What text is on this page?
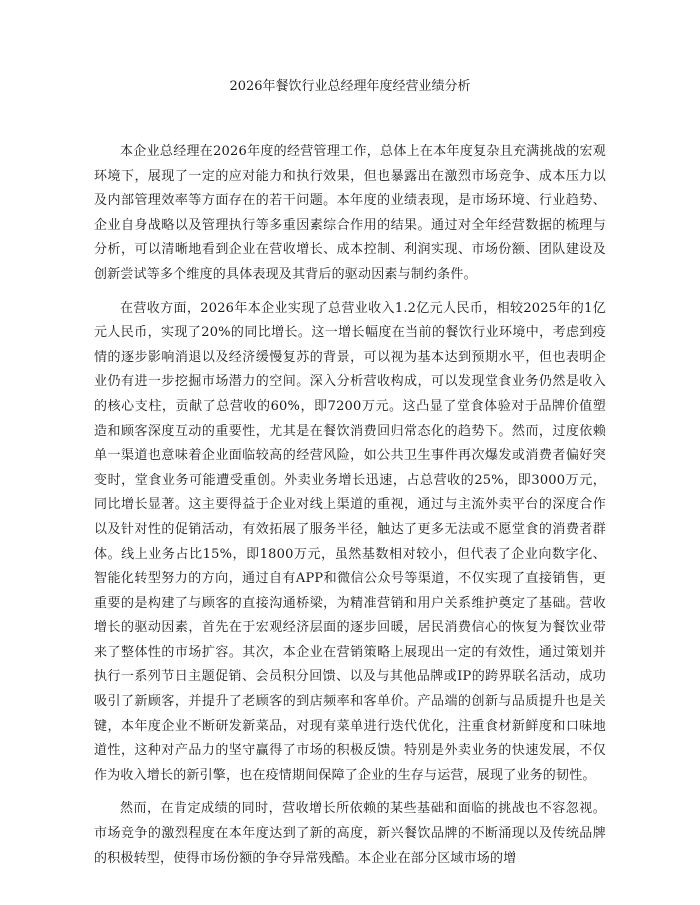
2026年餐饮行业总经理年度经营业绩分析

本企业总经理在2026年度的经营管理工作，总体上在本年度复杂且充满挑战的宏观环境下，展现了一定的应对能力和执行效果，但也暴露出在激烈市场竞争、成本压力以及内部管理效率等方面存在的若干问题。本年度的业绩表现，是市场环境、行业趋势、企业自身战略以及管理执行等多重因素综合作用的结果。通过对全年经营数据的梳理与分析，可以清晰地看到企业在营收增长、成本控制、利润实现、市场份额、团队建设及创新尝试等多个维度的具体表现及其背后的驱动因素与制约条件。

在营收方面，2026年本企业实现了总营业收入1.2亿元人民币，相较2025年的1亿元人民币，实现了20%的同比增长。这一增长幅度在当前的餐饮行业环境中，考虑到疫情的逐步影响消退以及经济缓慢复苏的背景，可以视为基本达到预期水平，但也表明企业仍有进一步挖掘市场潜力的空间。深入分析营收构成，可以发现堂食业务仍然是收入的核心支柱，贡献了总营收的60%，即7200万元。这凸显了堂食体验对于品牌价值塑造和顾客深度互动的重要性，尤其是在餐饮消费回归常态化的趋势下。然而，过度依赖单一渠道也意味着企业面临较高的经营风险，如公共卫生事件再次爆发或消费者偏好突变时，堂食业务可能遭受重创。外卖业务增长迅速，占总营收的25%，即3000万元，同比增长显著。这主要得益于企业对线上渠道的重视，通过与主流外卖平台的深度合作以及针对性的促销活动，有效拓展了服务半径，触达了更多无法或不愿堂食的消费者群体。线上业务占比15%，即1800万元，虽然基数相对较小，但代表了企业向数字化、智能化转型努力的方向，通过自有APP和微信公众号等渠道，不仅实现了直接销售，更重要的是构建了与顾客的直接沟通桥梁，为精准营销和用户关系维护奠定了基础。营收增长的驱动因素，首先在于宏观经济层面的逐步回暖，居民消费信心的恢复为餐饮业带来了整体性的市场扩容。其次，本企业在营销策略上展现出一定的有效性，通过策划并执行一系列节日主题促销、会员积分回馈、以及与其他品牌或IP的跨界联名活动，成功吸引了新顾客，并提升了老顾客的到店频率和客单价。产品端的创新与品质提升也是关键，本年度企业不断研发新菜品，对现有菜单进行迭代优化，注重食材新鲜度和口味地道性，这种对产品力的坚守赢得了市场的积极反馈。特别是外卖业务的快速发展，不仅作为收入增长的新引擎，也在疫情期间保障了企业的生存与运营，展现了业务的韧性。

然而，在肯定成绩的同时，营收增长所依赖的某些基础和面临的挑战也不容忽视。市场竞争的激烈程度在本年度达到了新的高度，新兴餐饮品牌的不断涌现以及传统品牌的积极转型，使得市场份额的争夺异常残酷。本企业在部分区域市场的增
